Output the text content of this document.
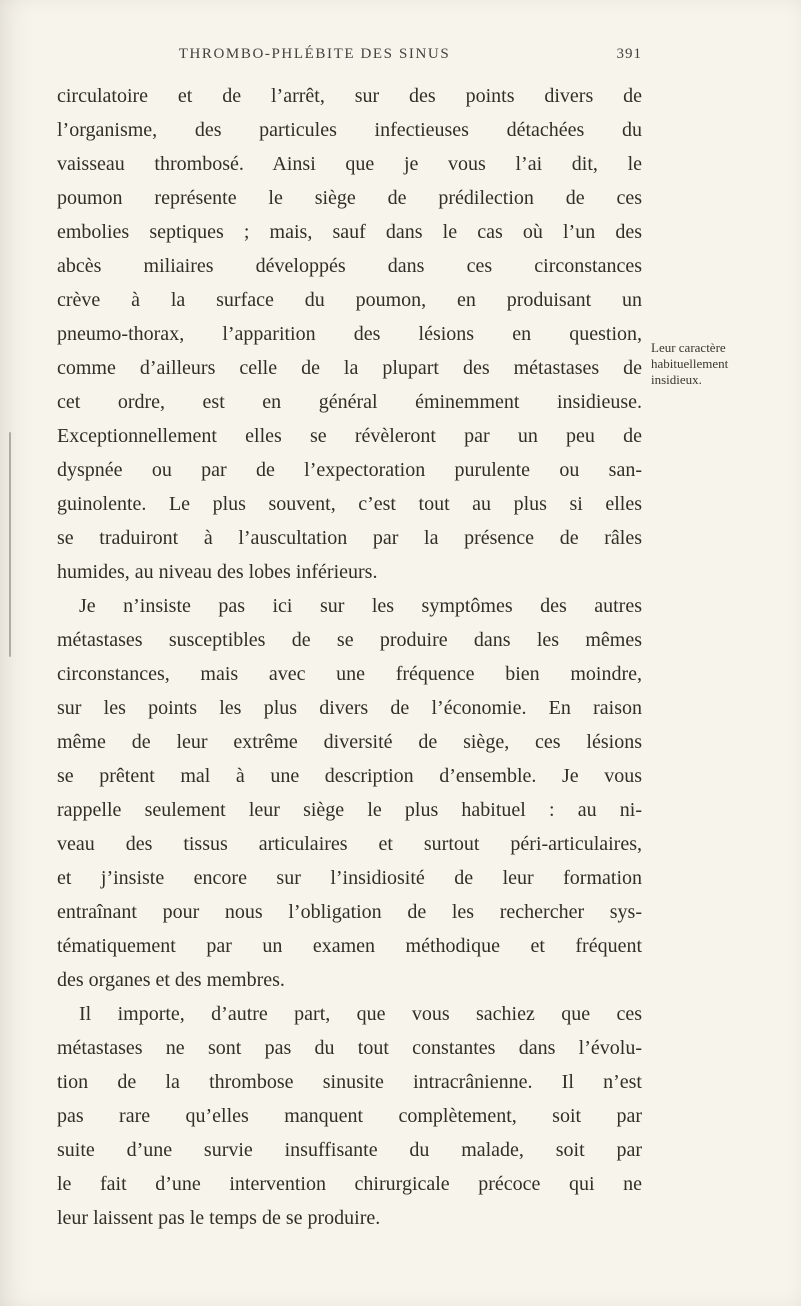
THROMBO-PHLÉBITE DES SINUS	391
circulatoire et de l’arrêt, sur des points divers de
l’organisme, des particules infectieuses détachées du
vaisseau thrombosé. Ainsi que je vous l’ai dit, le
poumon représente le siège de prédilection de ces
embolies septiques ; mais, sauf dans le cas où l’un des
abcès miliaires développés dans ces circonstances
crève à la surface du poumon, en produisant un
pneumo-thorax, l’apparition des lésions en question,
comme d’ailleurs celle de la plupart des métastases de
cet ordre, est en général éminemment insidieuse.
Exceptionnellement elles se révèleront par un peu de
dyspnée ou par de l’expectoration purulente ou san-
guinolente. Le plus souvent, c’est tout au plus si elles
se traduiront à l’auscultation par la présence de râles
humides, au niveau des lobes inférieurs.
Je n’insiste pas ici sur les symptômes des autres
métastases susceptibles de se produire dans les mêmes
circonstances, mais avec une fréquence bien moindre,
sur les points les plus divers de l’économie. En raison
même de leur extrême diversité de siège, ces lésions
se prêtent mal à une description d’ensemble. Je vous
rappelle seulement leur siège le plus habituel : au ni-
veau des tissus articulaires et surtout péri-articulaires,
et j’insiste encore sur l’insidiosité de leur formation
entraînant pour nous l’obligation de les rechercher sys-
tématiquement par un examen méthodique et fréquent
des organes et des membres.
Il importe, d’autre part, que vous sachiez que ces
métastases ne sont pas du tout constantes dans l’évolu-
tion de la thrombose sinusite intracrânienne. Il n’est
pas rare qu’elles manquent complètement, soit par
suite d’une survie insuffisante du malade, soit par
le fait d’une intervention chirurgicale précoce qui ne
leur laissent pas le temps de se produire.
Leur caractère
habituellement
insidieux.
